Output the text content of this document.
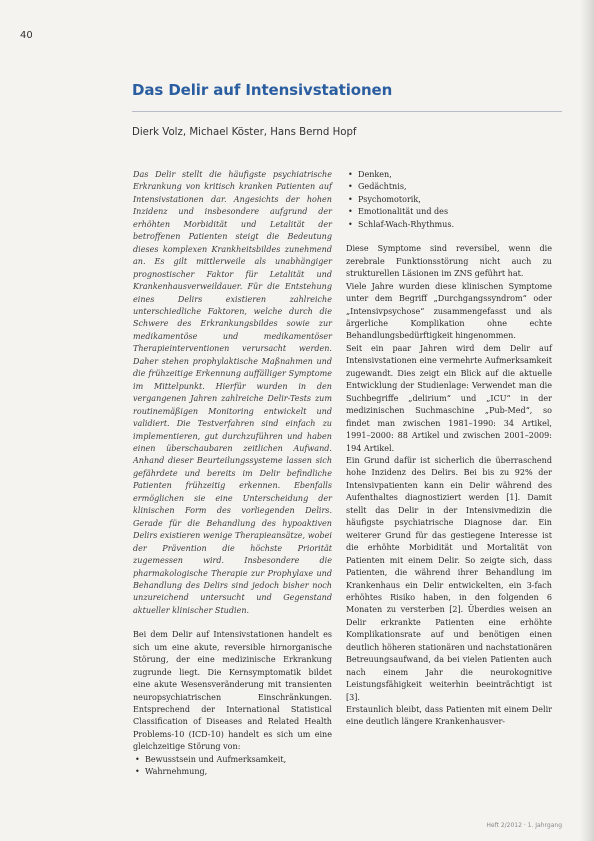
40
Das Delir auf Intensivstationen

Dierk Volz, Michael Köster, Hans Bernd Hopf

Das Delir stellt die häufigste psychiatrische Erkrankung von kritisch kranken Patienten auf Intensivstationen dar. Angesichts der hohen Inzidenz und insbesondere aufgrund der erhöhten Morbidität und Letalität der betroffenen Patienten steigt die Bedeutung dieses komplexen Krankheitsbildes zunehmend an. Es gilt mittlerweile als unabhängiger prognostischer Faktor für Letalität und Krankenhausverweildauer. Für die Entstehung eines Delirs existieren zahlreiche unterschiedliche Faktoren, welche durch die Schwere des Erkrankungsbildes sowie zur medikamentöse und medikamentöser Therapieinterventionen verursacht werden. Daher stehen prophylaktische Maßnahmen und die frühzeitige Erkennung auffälliger Symptome im Mittelpunkt. Hierfür wurden in den vergangenen Jahren zahlreiche Delir-Tests zum routinemäßigen Monitoring entwickelt und validiert. Die Testverfahren sind einfach zu implementieren, gut durchzuführen und haben einen überschaubaren zeitlichen Aufwand. Anhand dieser Beurteilungssysteme lassen sich gefährdete und bereits im Delir befindliche Patienten frühzeitig erkennen. Ebenfalls ermöglichen sie eine Unterscheidung der klinischen Form des vorliegenden Delirs. Gerade für die Behandlung des hypoaktiven Delirs existieren wenige Therapieansätze, wobei der Prävention die höchste Priorität zugemessen wird. Insbesondere die pharmakologische Therapie zur Prophylaxe und Behandlung des Delirs sind jedoch bisher noch unzureichend untersucht und Gegenstand aktueller klinischer Studien.

Bei dem Delir auf Intensivstationen handelt es sich um eine akute, reversible hirnorganische Störung, der eine medizinische Erkrankung zugrunde liegt. Die Kernsymptomatik bildet eine akute Wesensveränderung mit transienten neuropsychiatrischen Einschränkungen. Entsprechend der International Statistical Classification of Diseases and Related Health Problems-10 (ICD-10) handelt es sich um eine gleichzeitige Störung von:

• Bewusstsein und Aufmerksamkeit,
• Wahrnehmung,
• Denken,
• Gedächtnis,
• Psychomotorik,
• Emotionalität und des
• Schlaf-Wach-Rhythmus.

Diese Symptome sind reversibel, wenn die zerebrale Funktionsstörung nicht auch zu strukturellen Läsionen im ZNS geführt hat.

Viele Jahre wurden diese klinischen Symptome unter dem Begriff „Durchgangssyndrom“ oder „Intensivpsychose“ zusammengefasst und als ärgerliche Komplikation ohne echte Behandlungsbedürftigkeit hingenommen.

Seit ein paar Jahren wird dem Delir auf Intensivstationen eine vermehrte Aufmerksamkeit zugewandt. Dies zeigt ein Blick auf die aktuelle Entwicklung der Studienlage: Verwendet man die Suchbegriffe „delirium“ und „ICU“ in der medizinischen Suchmaschine „Pub-Med“, so findet man zwischen 1981–1990: 34 Artikel, 1991–2000: 88 Artikel und zwischen 2001–2009: 194 Artikel.

Ein Grund dafür ist sicherlich die überraschend hohe Inzidenz des Delirs. Bei bis zu 92% der Intensivpatienten kann ein Delir während des Aufenthaltes diagnostiziert werden [1]. Damit stellt das Delir in der Intensivmedizin die häufigste psychiatrische Diagnose dar. Ein weiterer Grund für das gestiegene Interesse ist die erhöhte Morbidität und Mortalität von Patienten mit einem Delir. So zeigte sich, dass Patienten, die während ihrer Behandlung im Krankenhaus ein Delir entwickelten, ein 3-fach erhöhtes Risiko haben, in den folgenden 6 Monaten zu versterben [2]. Überdies weisen an Delir erkrankte Patienten eine erhöhte Komplikationsrate auf und benötigen einen deutlich höheren stationären und nachstationären Betreuungsaufwand, da bei vielen Patienten auch nach einem Jahr die neurokognitive Leistungsfähigkeit weiterhin beeinträchtigt ist [3].

Erstaunlich bleibt, dass Patienten mit einem Delir eine deutlich längere Krankenhausver-

Heft 2/2012 · 1. Jahrgang
